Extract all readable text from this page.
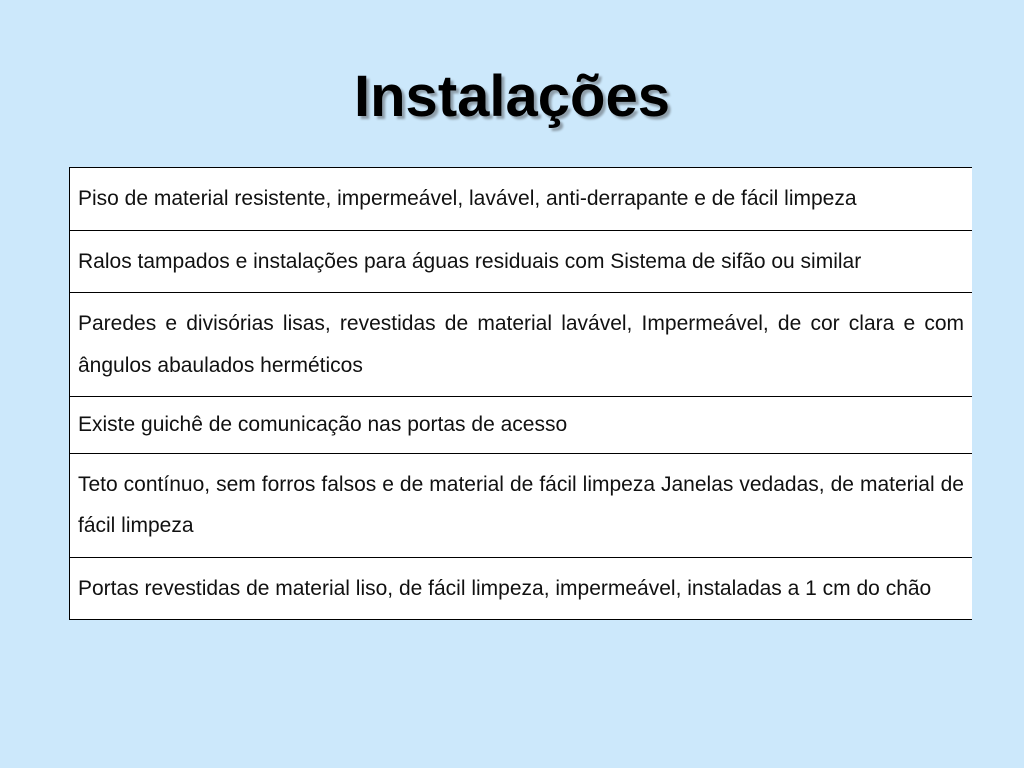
Instalações
Piso de material resistente, impermeável, lavável, anti-derrapante e de fácil limpeza
Ralos tampados e instalações para águas residuais com Sistema de sifão ou similar
Paredes e divisórias lisas, revestidas de material lavável, Impermeável, de cor clara e com ângulos abaulados herméticos
Existe guichê de comunicação nas portas de acesso
Teto contínuo, sem forros falsos e de material de fácil limpeza Janelas vedadas, de material de fácil limpeza
Portas revestidas de material liso, de fácil limpeza, impermeável, instaladas a 1 cm do chão
